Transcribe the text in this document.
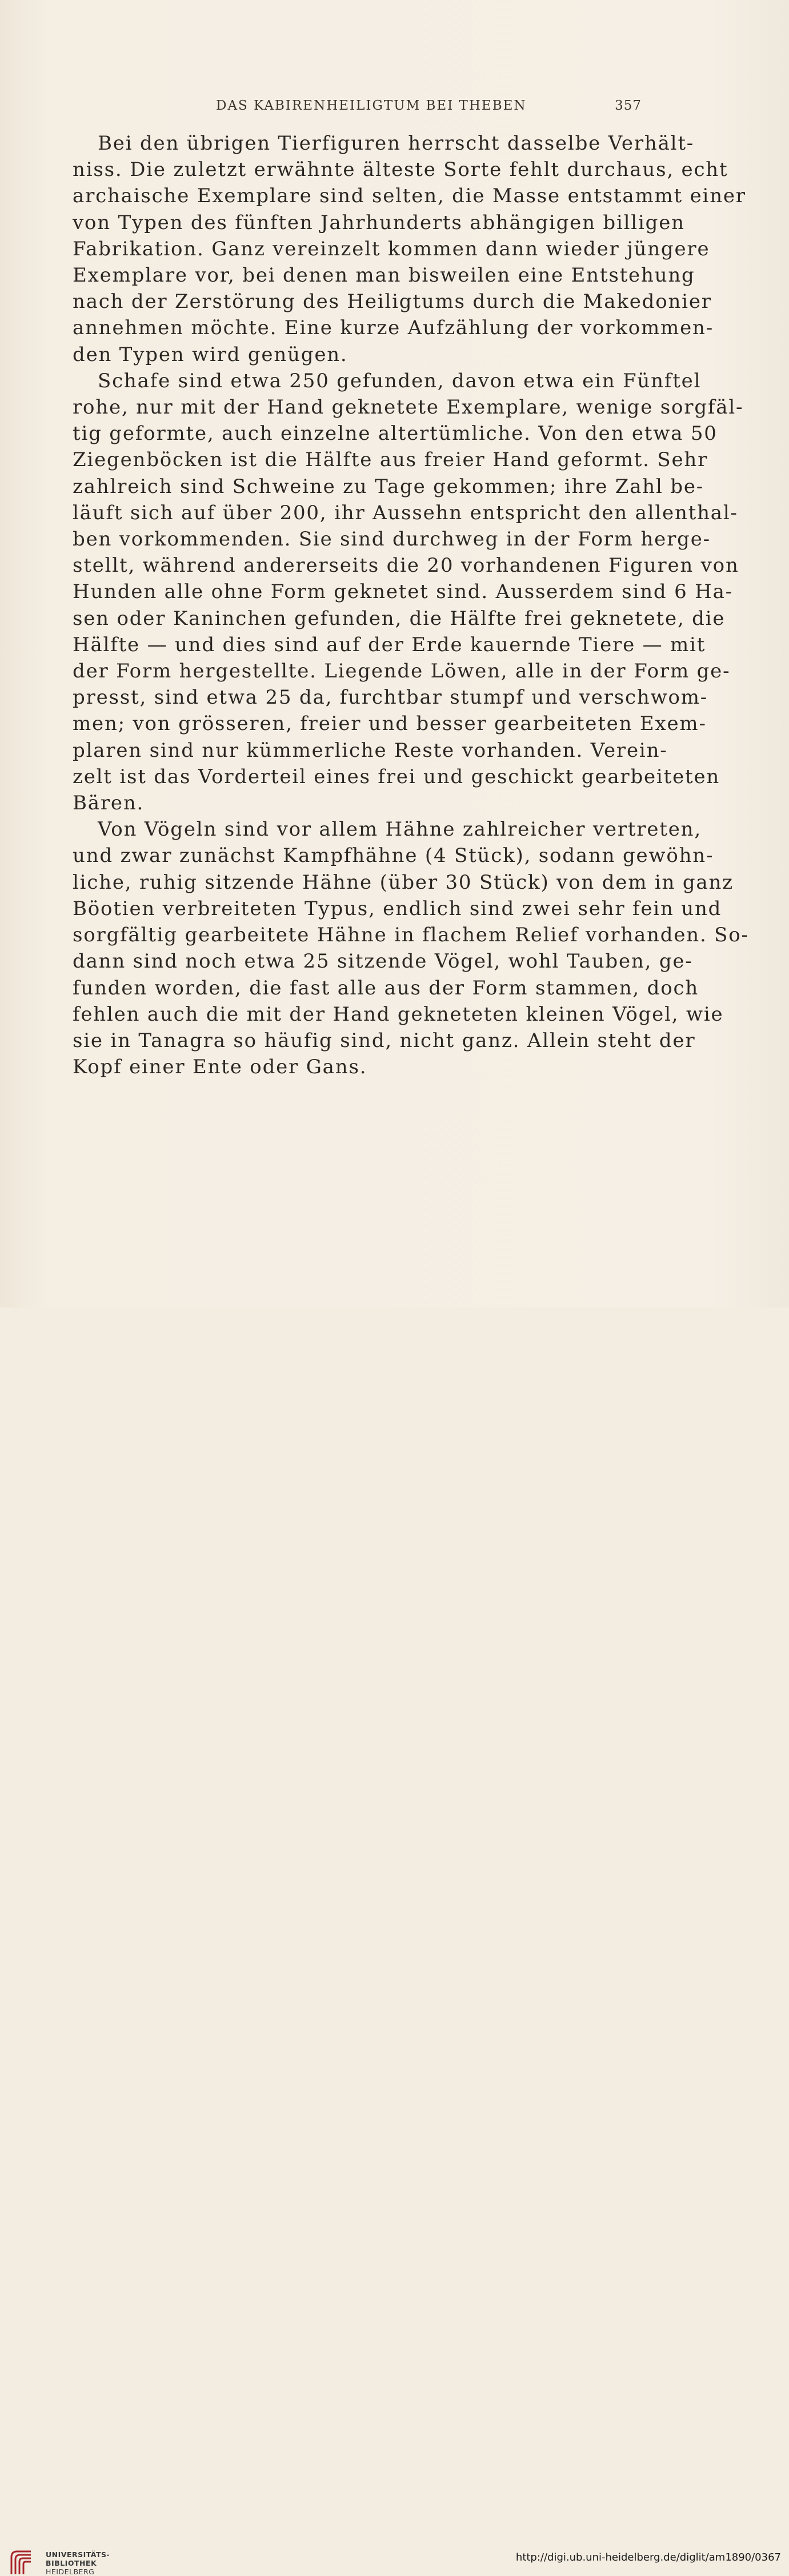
DAS KABIRENHEILIGTUM BEI THEBEN	357
Bei den übrigen Tierfiguren herrscht dasselbe Verhält-
niss. Die zuletzt erwähnte älteste Sorte fehlt durchaus, echt
archaische Exemplare sind selten, die Masse entstammt einer
von Typen des fünften Jahrhunderts abhängigen billigen
Fabrikation. Ganz vereinzelt kommen dann wieder jüngere
Exemplare vor, bei denen man bisweilen eine Entstehung
nach der Zerstörung des Heiligtums durch die Makedonier
annehmen möchte. Eine kurze Aufzählung der vorkommen-
den Typen wird genügen.
Schafe sind etwa 250 gefunden, davon etwa ein Fünftel
rohe, nur mit der Hand geknetete Exemplare, wenige sorgfäl-
tig geformte, auch einzelne altertümliche. Von den etwa 50
Ziegenböcken ist die Hälfte aus freier Hand geformt. Sehr
zahlreich sind Schweine zu Tage gekommen; ihre Zahl be-
läuft sich auf über 200, ihr Aussehn entspricht den allenthal-
ben vorkommenden. Sie sind durchweg in der Form herge-
stellt, während andererseits die 20 vorhandenen Figuren von
Hunden alle ohne Form geknetet sind. Ausserdem sind 6 Ha-
sen oder Kaninchen gefunden, die Hälfte frei geknetete, die
Hälfte — und dies sind auf der Erde kauernde Tiere — mit
der Form hergestellte. Liegende Löwen, alle in der Form ge-
presst, sind etwa 25 da, furchtbar stumpf und verschwom-
men; von grösseren, freier und besser gearbeiteten Exem-
plaren sind nur kümmerliche Reste vorhanden. Verein-
zelt ist das Vorderteil eines frei und geschickt gearbeiteten
Bären.
Von Vögeln sind vor allem Hähne zahlreicher vertreten,
und zwar zunächst Kampfhähne (4 Stück), sodann gewöhn-
liche, ruhig sitzende Hähne (über 30 Stück) von dem in ganz
Böotien verbreiteten Typus, endlich sind zwei sehr fein und
sorgfältig gearbeitete Hähne in flachem Relief vorhanden. So-
dann sind noch etwa 25 sitzende Vögel, wohl Tauben, ge-
funden worden, die fast alle aus der Form stammen, doch
fehlen auch die mit der Hand gekneteten kleinen Vögel, wie
sie in Tanagra so häufig sind, nicht ganz. Allein steht der
Kopf einer Ente oder Gans.
UNIVERSITÄTS-
BIBLIOTHEK
HEIDELBERG
http://digi.ub.uni-heidelberg.de/diglit/am1890/0367
